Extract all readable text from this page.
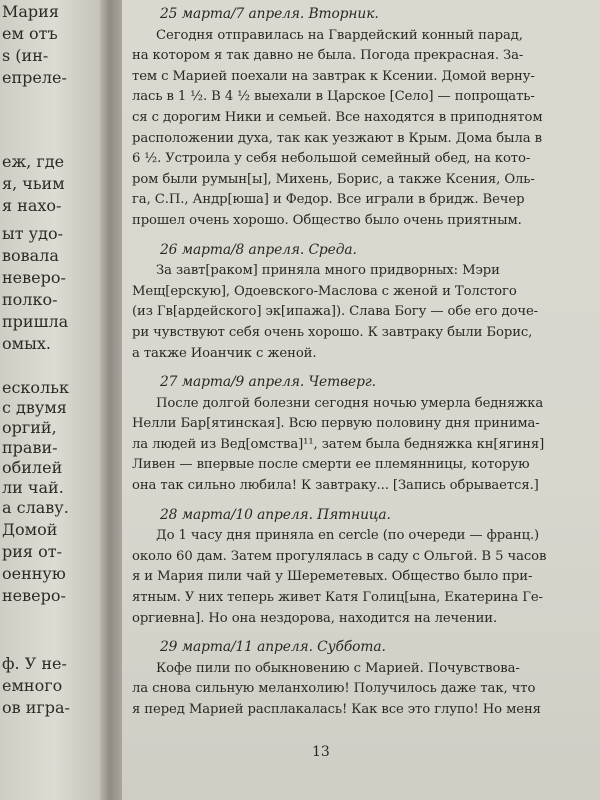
Мария
ем отъ
s (ин-
епреле-
еж, где
я, чьим
я нахо-
ыт удо-
вовала
неверо-
полко-
пришла
омых.
ескольк
с двумя
оргий,
прави-
обилей
ли чай.
а славу.
Домой
рия от-
оенную
неверо-
ф. У не-
емного
ов игра-
25 марта/7 апреля. Вторник.
Сегодня отправилась на Гвардейский конный парад,
на котором я так давно не была. Погода прекрасная. За-
тем с Марией поехали на завтрак к Ксении. Домой верну-
лась в 1 ½. В 4 ½ выехали в Царское [Село] — попрощать-
ся с дорогим Ники и семьей. Все находятся в приподнятом
расположении духа, так как уезжают в Крым. Дома была в
6 ½. Устроила у себя небольшой семейный обед, на кото-
ром были румын[ы], Михень, Борис, а также Ксения, Оль-
га, С.П., Андр[юша] и Федор. Все играли в бридж. Вечер
прошел очень хорошо. Общество было очень приятным.
26 марта/8 апреля. Среда.
За завт[раком] приняла много придворных: Мэри
Мещ[ерскую], Одоевского-Маслова с женой и Толстого
(из Гв[ардейского] эк[ипажа]). Слава Богу — обе его доче-
ри чувствуют себя очень хорошо. К завтраку были Борис,
а также Иоанчик с женой.
27 марта/9 апреля. Четверг.
После долгой болезни сегодня ночью умерла бедняжка
Нелли Бар[ятинская]. Всю первую половину дня принима-
ла людей из Вед[омства]¹¹, затем была бедняжка кн[ягиня]
Ливен — впервые после смерти ее племянницы, которую
она так сильно любила! К завтраку... [Запись обрывается.]
28 марта/10 апреля. Пятница.
До 1 часу дня приняла en cercle (по очереди — франц.)
около 60 дам. Затем прогулялась в саду с Ольгой. В 5 часов
я и Мария пили чай у Шереметевых. Общество было при-
ятным. У них теперь живет Катя Голиц[ына, Екатерина Ге-
оргиевна]. Но она нездорова, находится на лечении.
29 марта/11 апреля. Суббота.
Кофе пили по обыкновению с Марией. Почувствова-
ла снова сильную меланхолию! Получилось даже так, что
я перед Марией расплакалась! Как все это глупо! Но меня
13
